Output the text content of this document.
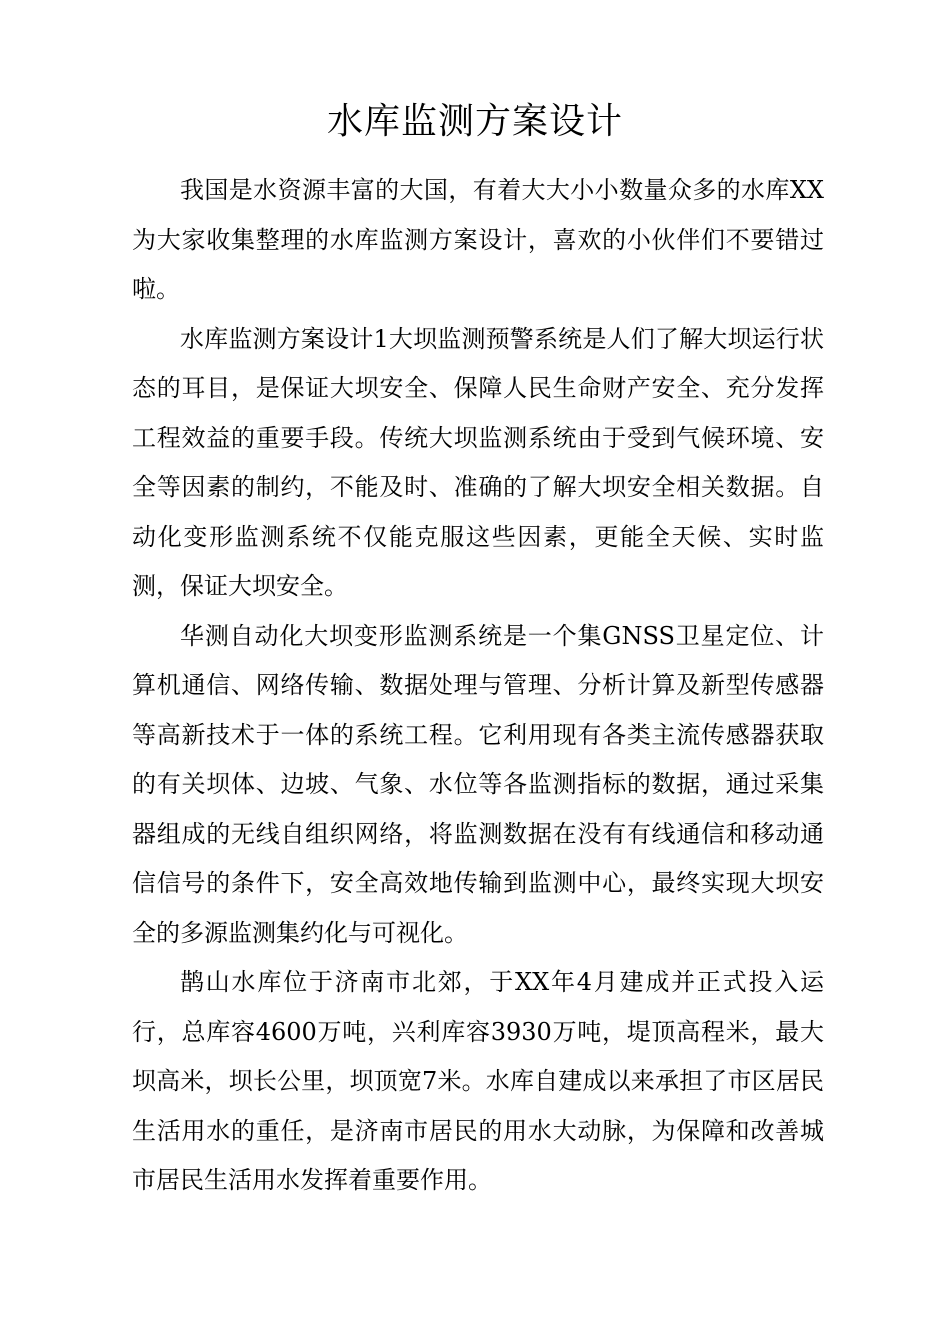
水库监测方案设计

我国是水资源丰富的大国，有着大大小小数量众多的水库XX为大家收集整理的水库监测方案设计，喜欢的小伙伴们不要错过啦。

水库监测方案设计1大坝监测预警系统是人们了解大坝运行状态的耳目，是保证大坝安全、保障人民生命财产安全、充分发挥工程效益的重要手段。传统大坝监测系统由于受到气候环境、安全等因素的制约，不能及时、准确的了解大坝安全相关数据。自动化变形监测系统不仅能克服这些因素，更能全天候、实时监测，保证大坝安全。

华测自动化大坝变形监测系统是一个集GNSS卫星定位、计算机通信、网络传输、数据处理与管理、分析计算及新型传感器等高新技术于一体的系统工程。它利用现有各类主流传感器获取的有关坝体、边坡、气象、水位等各监测指标的数据，通过采集器组成的无线自组织网络，将监测数据在没有有线通信和移动通信信号的条件下，安全高效地传输到监测中心，最终实现大坝安全的多源监测集约化与可视化。

鹊山水库位于济南市北郊，于XX年4月建成并正式投入运行，总库容4600万吨，兴利库容3930万吨，堤顶高程米，最大坝高米，坝长公里，坝顶宽7米。水库自建成以来承担了市区居民生活用水的重任，是济南市居民的用水大动脉，为保障和改善城市居民生活用水发挥着重要作用。
